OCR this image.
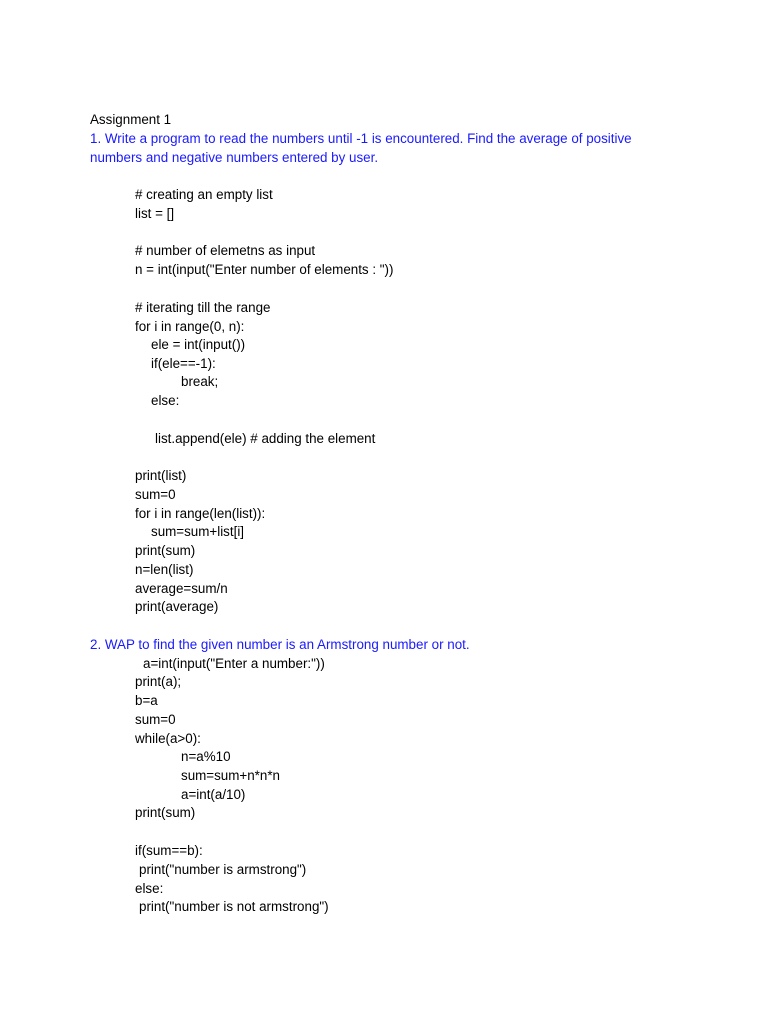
Assignment 1
1. Write a program to read the numbers until -1 is encountered. Find the average of positive
numbers and negative numbers entered by user.
# creating an empty list
list = []
# number of elemetns as input
n = int(input("Enter number of elements : "))
# iterating till the range
for i in range(0, n):
ele = int(input())
if(ele==-1):
break;
else:
list.append(ele) # adding the element
print(list)
sum=0
for i in range(len(list)):
sum=sum+list[i]
print(sum)
n=len(list)
average=sum/n
print(average)
2. WAP to find the given number is an Armstrong number or not.
a=int(input("Enter a number:"))
print(a);
b=a
sum=0
while(a>0):
n=a%10
sum=sum+n*n*n
a=int(a/10)
print(sum)
if(sum==b):
print("number is armstrong")
else:
print("number is not armstrong")
